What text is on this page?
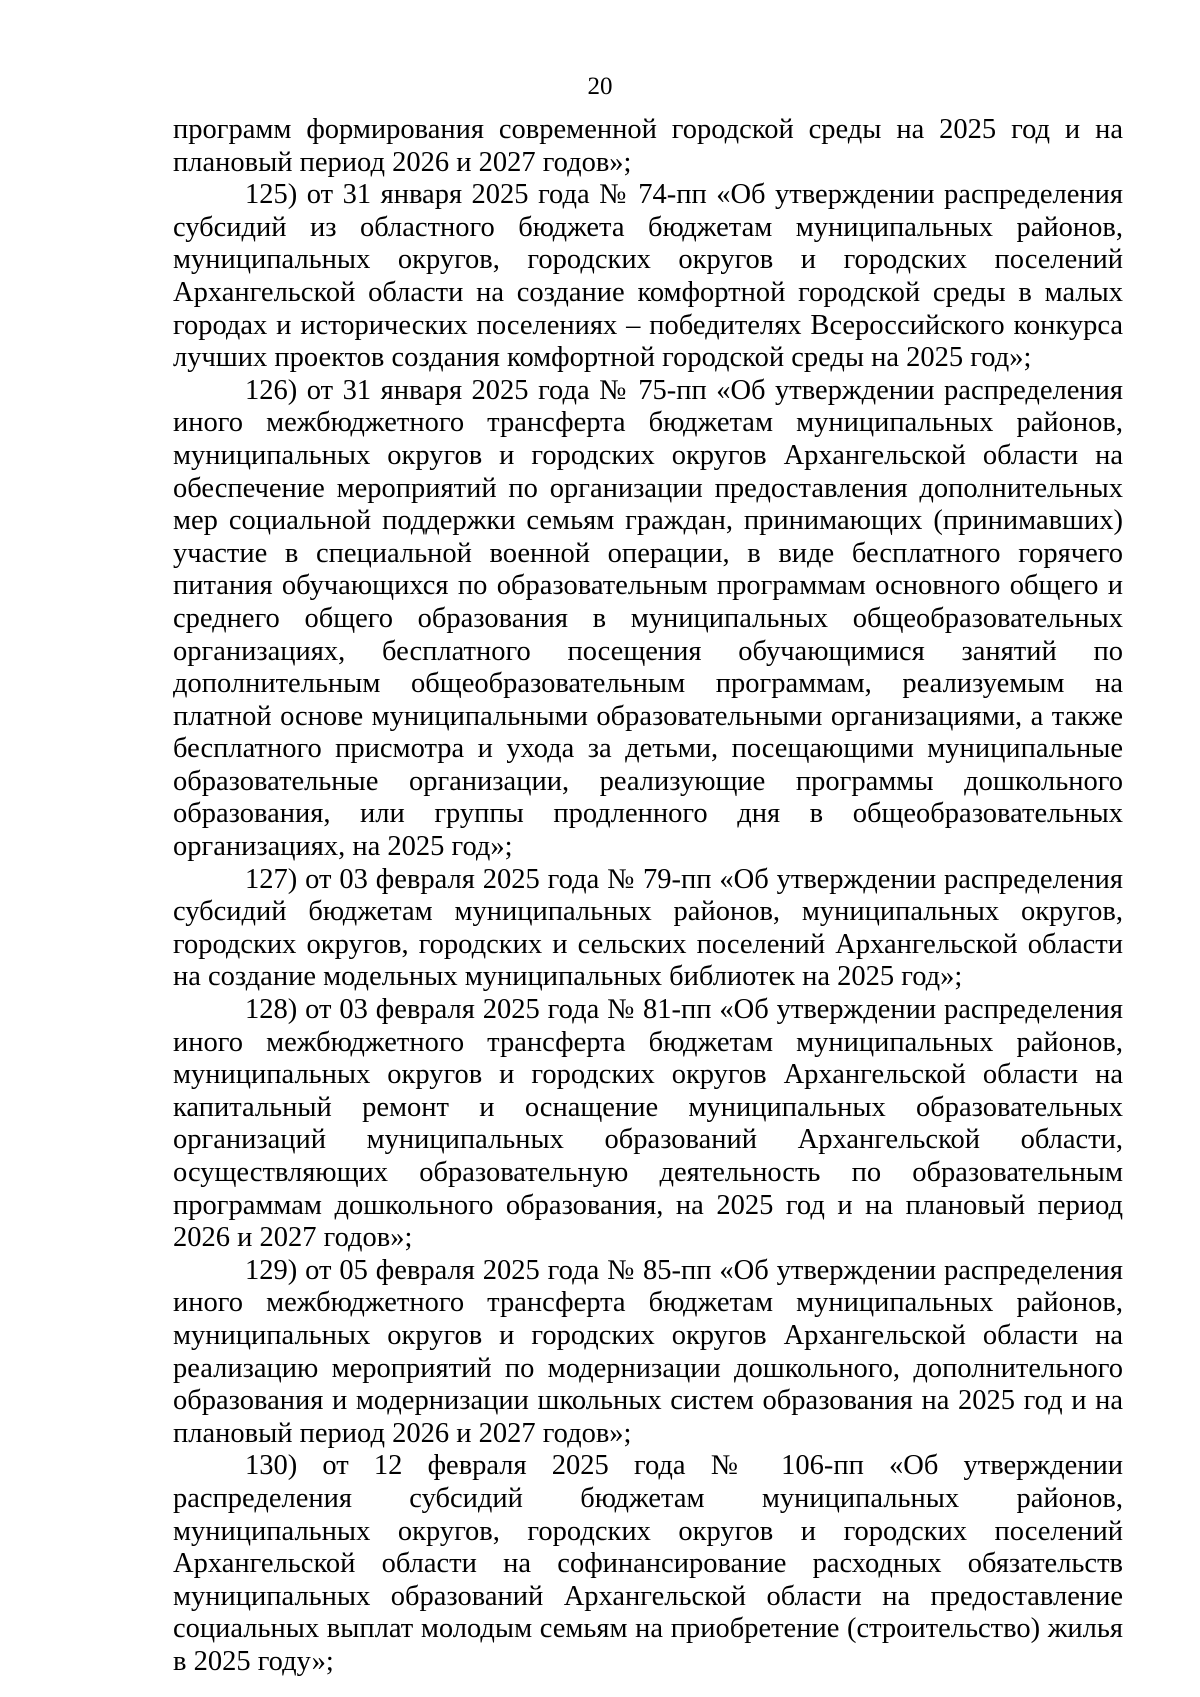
20

программ формирования современной городской среды на 2025 год и на плановый период 2026 и 2027 годов»;

125) от 31 января 2025 года № 74-пп «Об утверждении распределения субсидий из областного бюджета бюджетам муниципальных районов, муниципальных округов, городских округов и городских поселений Архангельской области на создание комфортной городской среды в малых городах и исторических поселениях – победителях Всероссийского конкурса лучших проектов создания комфортной городской среды на 2025 год»;

126) от 31 января 2025 года № 75-пп «Об утверждении распределения иного межбюджетного трансферта бюджетам муниципальных районов, муниципальных округов и городских округов Архангельской области на обеспечение мероприятий по организации предоставления дополнительных мер социальной поддержки семьям граждан, принимающих (принимавших) участие в специальной военной операции, в виде бесплатного горячего питания обучающихся по образовательным программам основного общего и среднего общего образования в муниципальных общеобразовательных организациях, бесплатного посещения обучающимися занятий по дополнительным общеобразовательным программам, реализуемым на платной основе муниципальными образовательными организациями, а также бесплатного присмотра и ухода за детьми, посещающими муниципальные образовательные организации, реализующие программы дошкольного образования, или группы продленного дня в общеобразовательных организациях, на 2025 год»;

127) от 03 февраля 2025 года № 79-пп «Об утверждении распределения субсидий бюджетам муниципальных районов, муниципальных округов, городских округов, городских и сельских поселений Архангельской области на создание модельных муниципальных библиотек на 2025 год»;

128) от 03 февраля 2025 года № 81-пп «Об утверждении распределения иного межбюджетного трансферта бюджетам муниципальных районов, муниципальных округов и городских округов Архангельской области на капитальный ремонт и оснащение муниципальных образовательных организаций муниципальных образований Архангельской области, осуществляющих образовательную деятельность по образовательным программам дошкольного образования, на 2025 год и на плановый период 2026 и 2027 годов»;

129) от 05 февраля 2025 года № 85-пп «Об утверждении распределения иного межбюджетного трансферта бюджетам муниципальных районов, муниципальных округов и городских округов Архангельской области на реализацию мероприятий по модернизации дошкольного, дополнительного образования и модернизации школьных систем образования на 2025 год и на плановый период 2026 и 2027 годов»;

130) от 12 февраля 2025 года № 106-пп «Об утверждении распределения субсидий бюджетам муниципальных районов, муниципальных округов, городских округов и городских поселений Архангельской области на софинансирование расходных обязательств муниципальных образований Архангельской области на предоставление социальных выплат молодым семьям на приобретение (строительство) жилья в 2025 году»;
